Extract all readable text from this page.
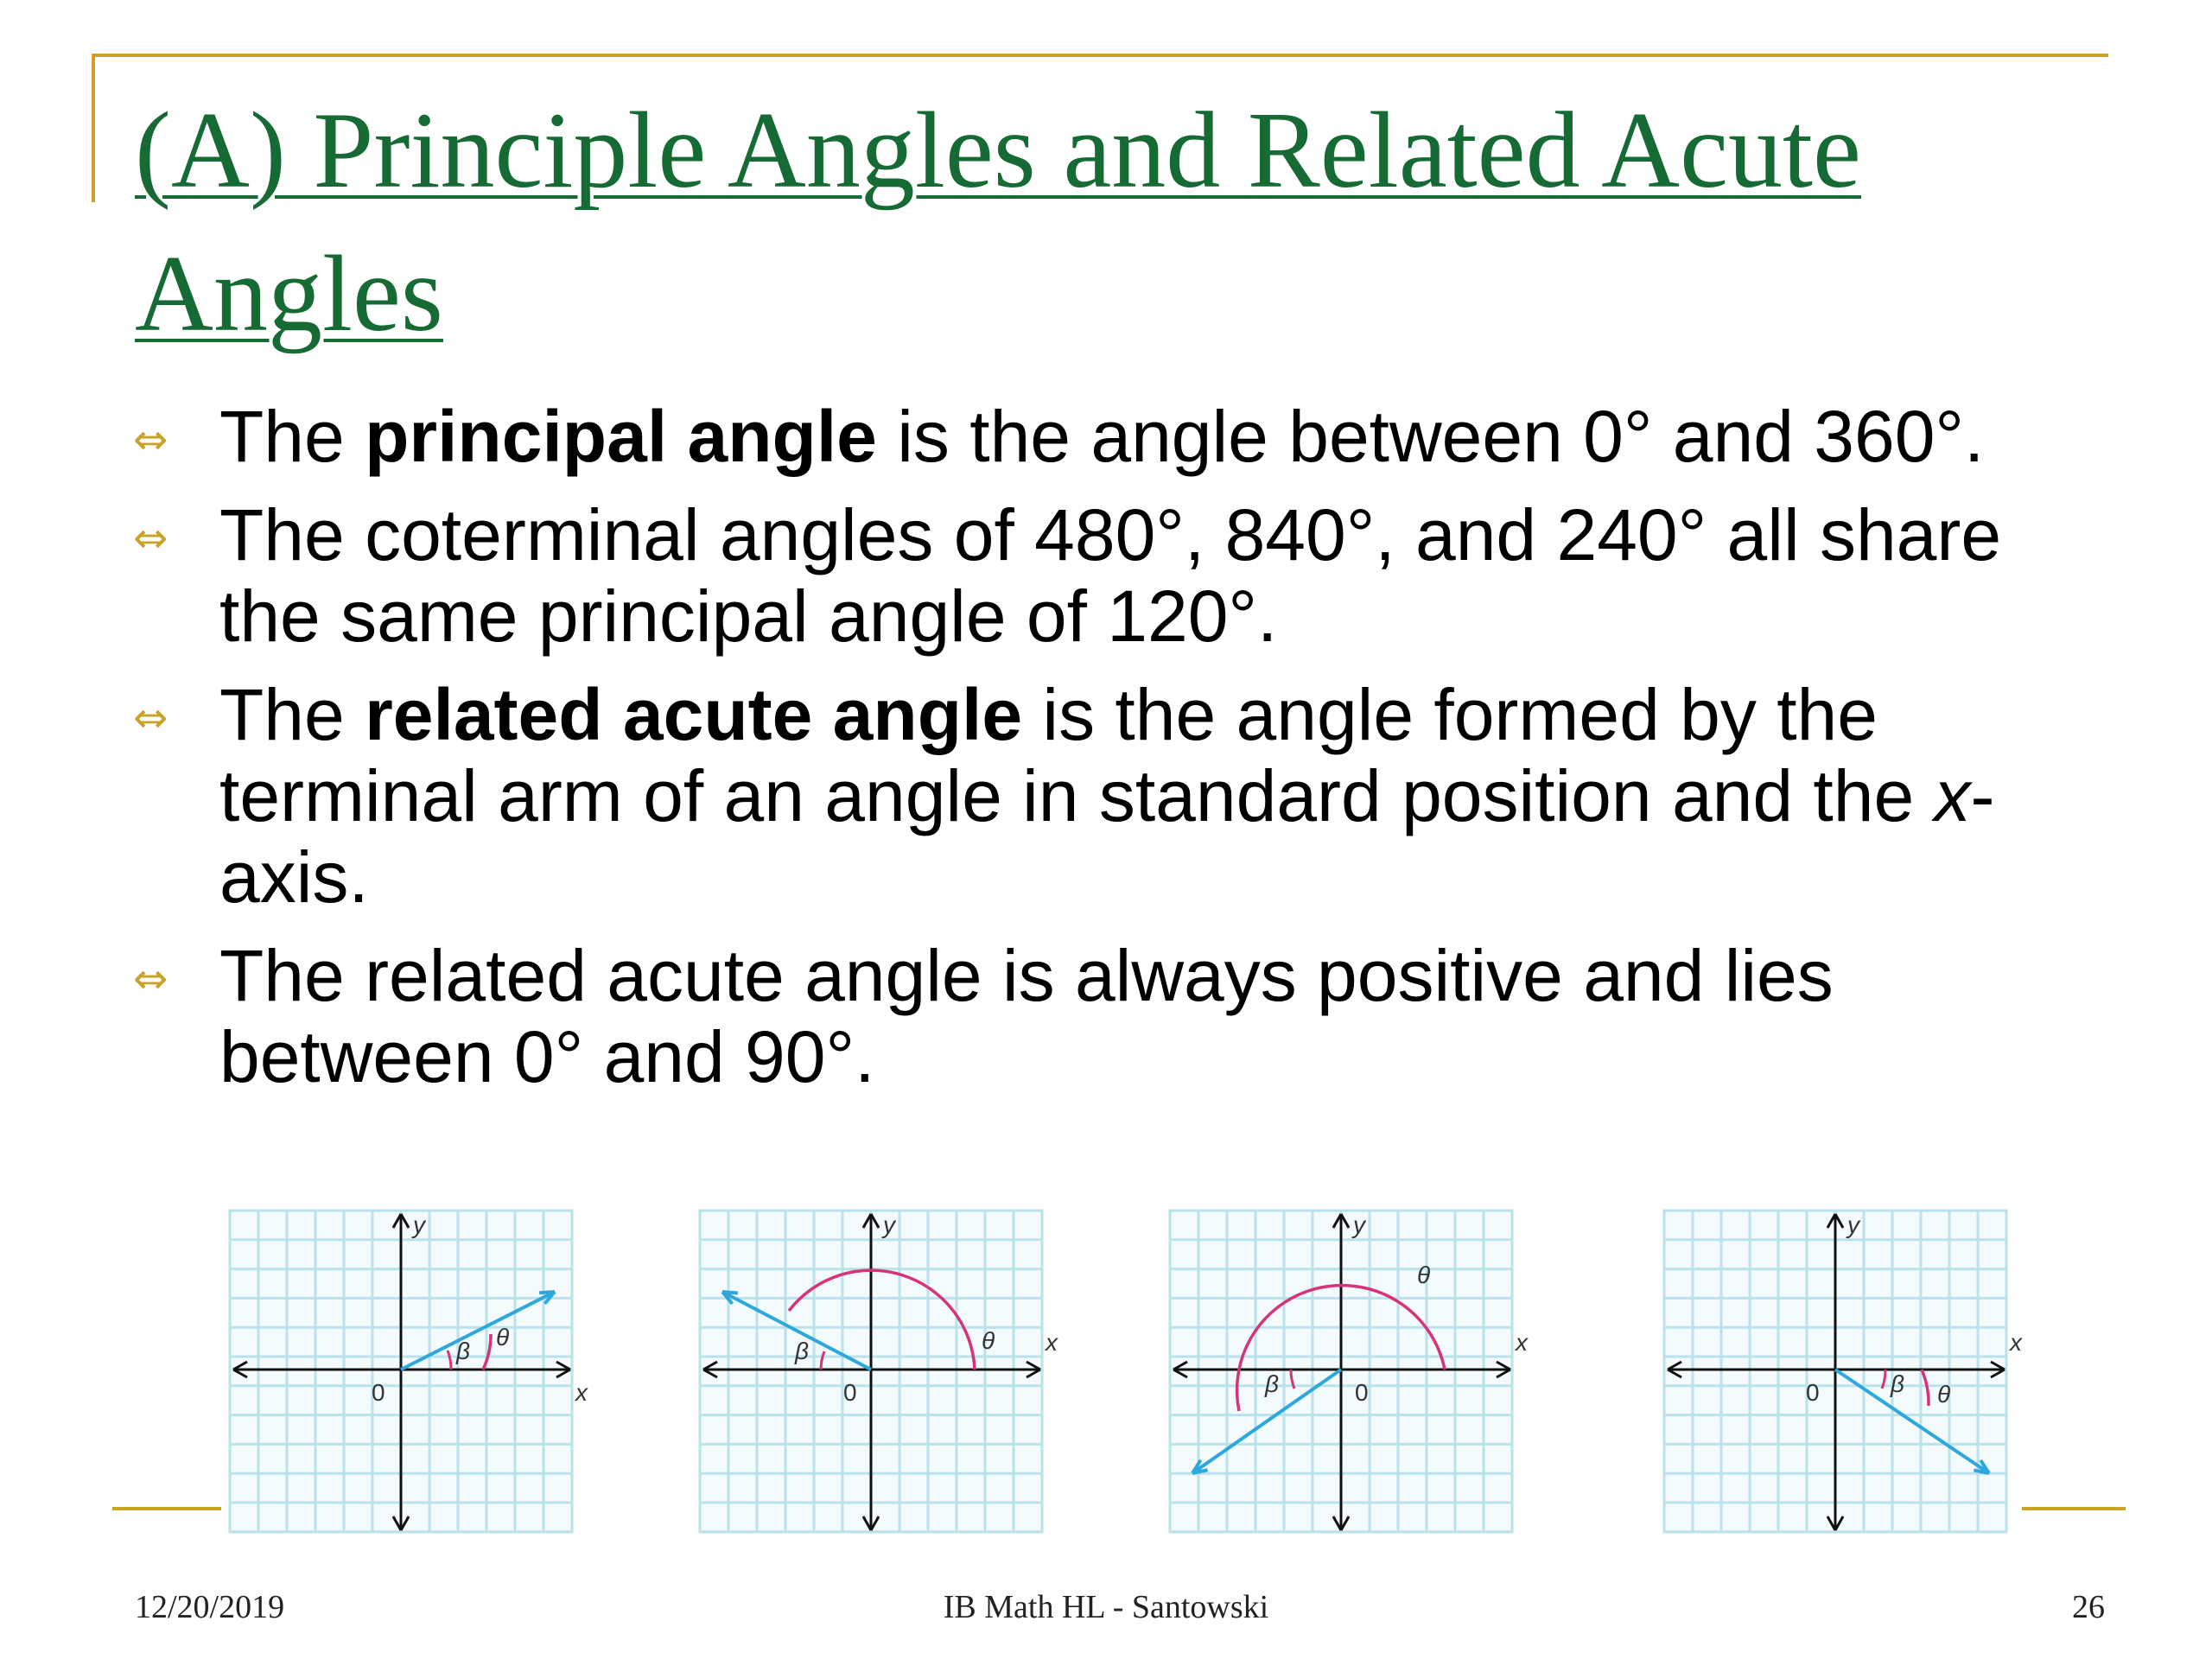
(A) Principle Angles and Related Acute Angles
⇔ The principal angle is the angle between 0° and 360°.
⇔ The coterminal angles of 480°, 840°, and 240° all share the same principal angle of 120°.
⇔ The related acute angle is the angle formed by the terminal arm of an angle in standard position and the x-axis.
⇔ The related acute angle is always positive and lies between 0° and 90°.
θ
β
0	x
y
θ
β
0
x
y
θ
β	0
x
y
θ
β
0
x
y
12/20/2019	IB Math HL - Santowski	26
